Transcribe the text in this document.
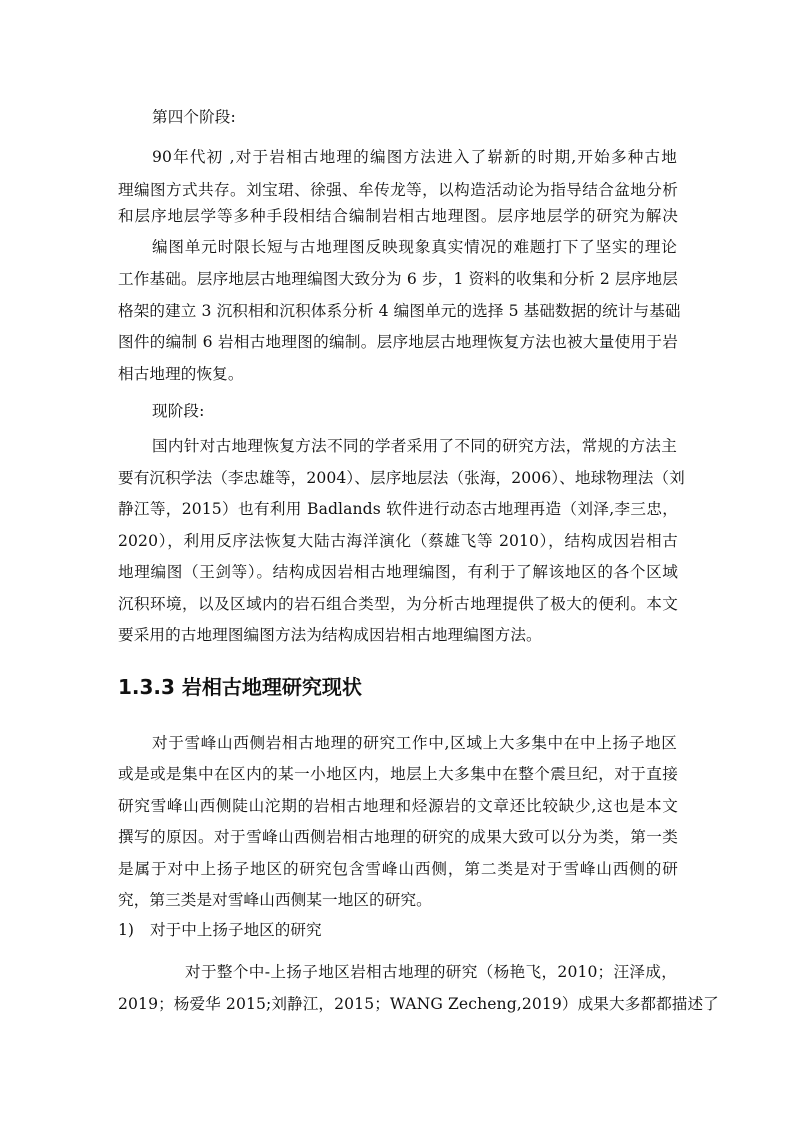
第四个阶段:
90年代初 ,对于岩相古地理的编图方法进入了崭新的时期,开始多种古地
理编图方式共存。刘宝珺、徐强、牟传龙等，以构造活动论为指导结合盆地分析
和层序地层学等多种手段相结合编制岩相古地理图。层序地层学的研究为解决
编图单元时限长短与古地理图反映现象真实情况的难题打下了坚实的理论
工作基础。层序地层古地理编图大致分为 6 步，1 资料的收集和分析 2 层序地层
格架的建立 3 沉积相和沉积体系分析 4 编图单元的选择 5 基础数据的统计与基础
图件的编制 6 岩相古地理图的编制。层序地层古地理恢复方法也被大量使用于岩
相古地理的恢复。
现阶段:
国内针对古地理恢复方法不同的学者采用了不同的研究方法，常规的方法主
要有沉积学法（李忠雄等，2004）、层序地层法（张海，2006）、地球物理法（刘
静江等，2015）也有利用 Badlands 软件进行动态古地理再造（刘泽,李三忠，
2020），利用反序法恢复大陆古海洋演化（蔡雄飞等 2010），结构成因岩相古
地理编图（王剑等）。结构成因岩相古地理编图，有利于了解该地区的各个区域
沉积环境，以及区域内的岩石组合类型，为分析古地理提供了极大的便利。本文
要采用的古地理图编图方法为结构成因岩相古地理编图方法。
1.3.3 岩相古地理研究现状
对于雪峰山西侧岩相古地理的研究工作中,区域上大多集中在中上扬子地区
或是或是集中在区内的某一小地区内，地层上大多集中在整个震旦纪，对于直接
研究雪峰山西侧陡山沱期的岩相古地理和烃源岩的文章还比较缺少,这也是本文
撰写的原因。对于雪峰山西侧岩相古地理的研究的成果大致可以分为类，第一类
是属于对中上扬子地区的研究包含雪峰山西侧，第二类是对于雪峰山西侧的研
究，第三类是对雪峰山西侧某一地区的研究。
1) 对于中上扬子地区的研究
对于整个中-上扬子地区岩相古地理的研究（杨艳飞，2010；汪泽成，
2019；杨爱华 2015;刘静江，2015；WANG Zecheng,2019）成果大多都都描述了
